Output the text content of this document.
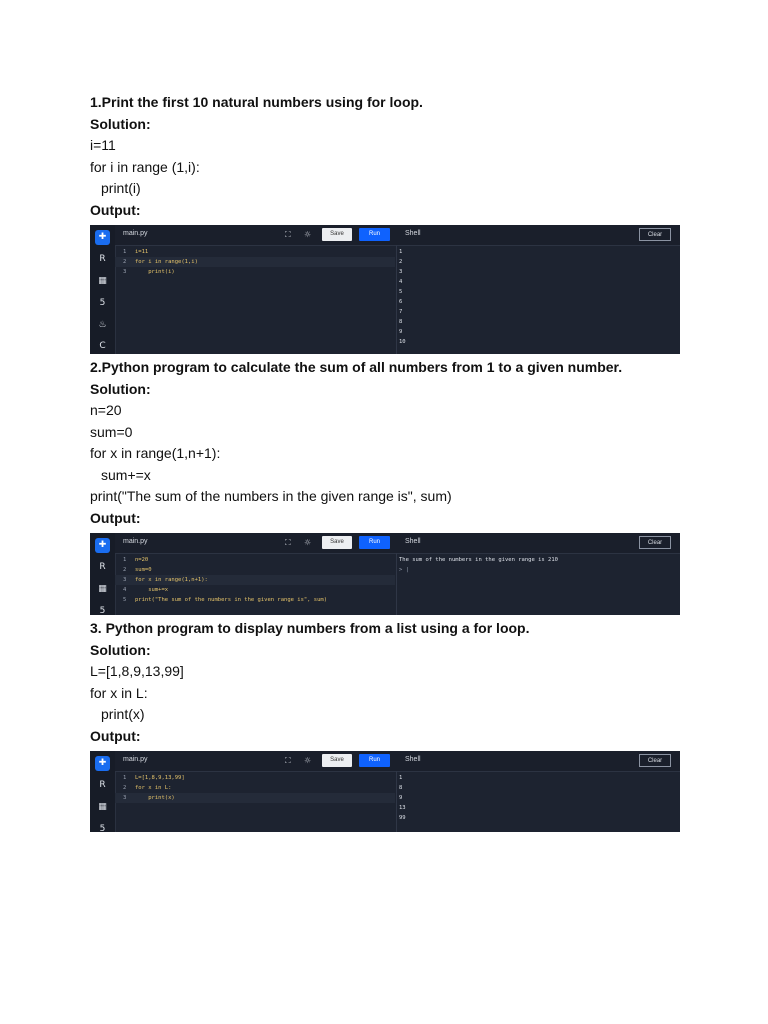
1.Print the first 10 natural numbers using for loop.
Solution:
i=11
for i in range (1,i):
print(i)
Output:
✚
R
▦
5
♨
C
main.py	⛶ ☼	Save	Run	Shell	Clear
1	i=11
2	for i in range(1,i)
3	print(i)
1
2
3
4
5
6
7
8
9
10
2.Python program to calculate the sum of all numbers from 1 to a given number.
Solution:
n=20
sum=0
for x in range(1,n+1):
sum+=x
print("The sum of the numbers in the given range is", sum)
Output:
✚
R
▦
5
main.py	⛶ ☼	Save	Run	Shell	Clear
1	n=20
2	sum=0
3	for x in range(1,n+1):
4	sum+=x
5	print("The sum of the numbers in the given range is", sum)
The sum of the numbers in the given range is 210
> |
3. Python program to display numbers from a list using a for loop.
Solution:
L=[1,8,9,13,99]
for x in L:
print(x)
Output:
✚
R
▦
5
main.py	⛶ ☼	Save	Run	Shell	Clear
1	L=[1,8,9,13,99]
2	for x in L:
3	print(x)
1
8
9
13
99
